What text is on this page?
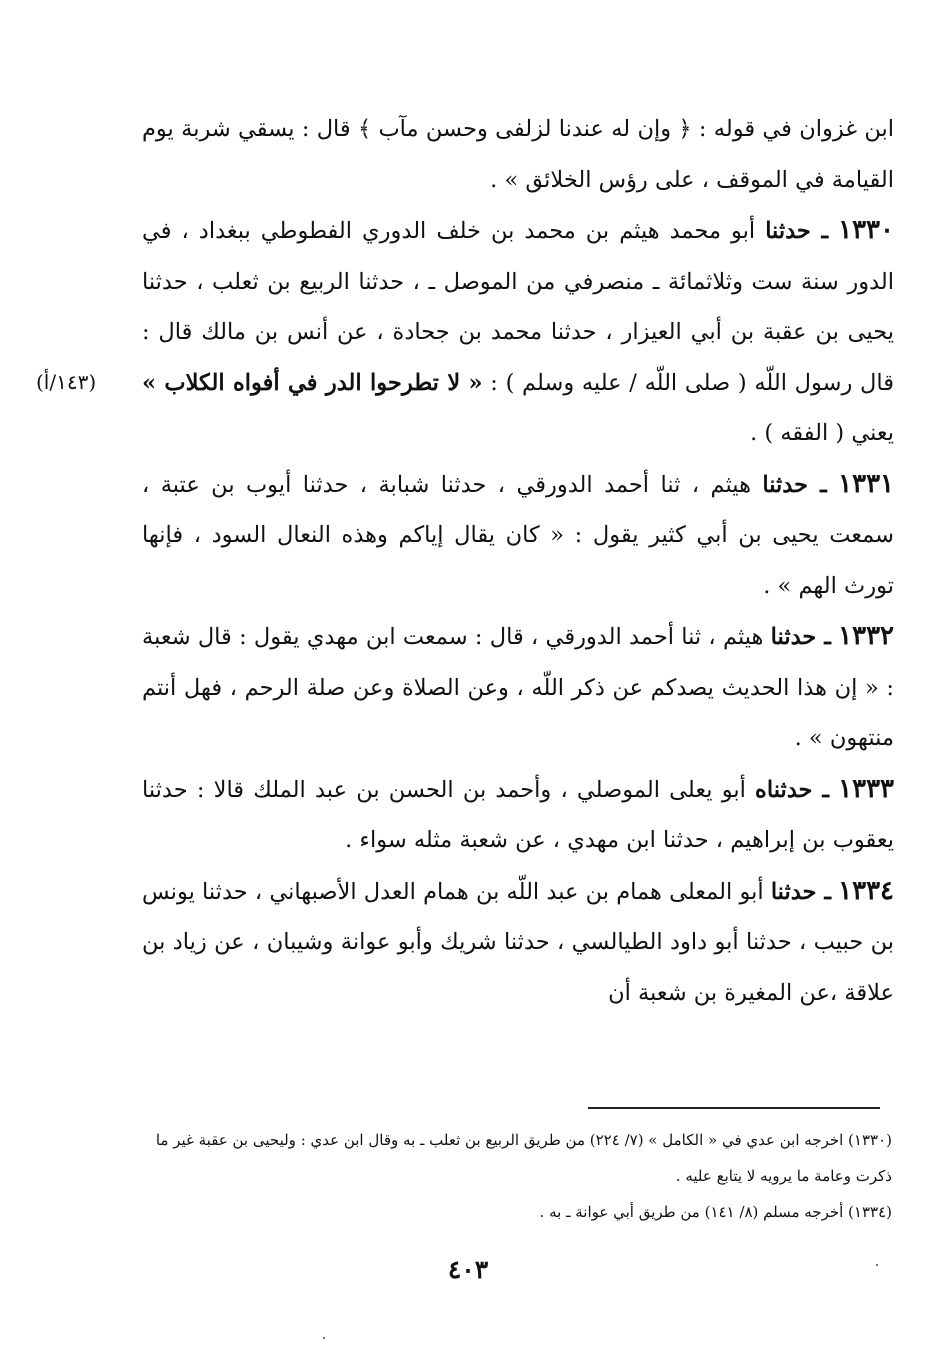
ابن غزوان في قوله : ﴿ وإن له عندنا لزلفى وحسن مآب ﴾ قال : يسقي شربة يوم القيامة في الموقف ، على رؤس الخلائق » .

١٣٣٠ ـ حدثنا أبو محمد هيثم بن محمد بن خلف الدوري الفطوطي ببغداد ، في الدور سنة ست وثلاثمائة ـ منصرفي من الموصل ـ ، حدثنا الربيع بن ثعلب ، حدثنا يحيى بن عقبة بن أبي العيزار ، حدثنا محمد بن جحادة ، عن أنس بن مالك قال : قال رسول اللّه ( صلى اللّه / عليه وسلم ) : « لا تطرحوا الدر في أفواه الكلاب » يعني ( الفقه ) .

١٣٣١ ـ حدثنا هيثم ، ثنا أحمد الدورقي ، حدثنا شبابة ، حدثنا أيوب بن عتبة ، سمعت يحيى بن أبي كثير يقول : « كان يقال إياكم وهذه النعال السود ، فإنها تورث الهم » .

١٣٣٢ ـ حدثنا هيثم ، ثنا أحمد الدورقي ، قال : سمعت ابن مهدي يقول : قال شعبة : « إن هذا الحديث يصدكم عن ذكر اللّه ، وعن الصلاة وعن صلة الرحم ، فهل أنتم منتهون » .

١٣٣٣ ـ حدثناه أبو يعلى الموصلي ، وأحمد بن الحسن بن عبد الملك قالا : حدثنا يعقوب بن إبراهيم ، حدثنا ابن مهدي ، عن شعبة مثله سواء .

١٣٣٤ ـ حدثنا أبو المعلى همام بن عبد اللّه بن همام العدل الأصبهاني ، حدثنا يونس بن حبيب ، حدثنا أبو داود الطيالسي ، حدثنا شريك وأبو عوانة وشيبان ، عن زياد بن علاقة ،عن المغيرة بن شعبة أن

(١٤٣/أ)

(١٣٣٠) اخرجه ابن عدي في « الكامل » (٧/ ٢٢٤) من طريق الربيع بن ثعلب ـ به وقال ابن عدي : وليحيى بن عقبة غير ما ذكرت وعامة ما يرويه لا يتابع عليه .

(١٣٣٤) أخرجه مسلم (٨/ ١٤١) من طريق أبي عوانة ـ به .

٤٠٣
